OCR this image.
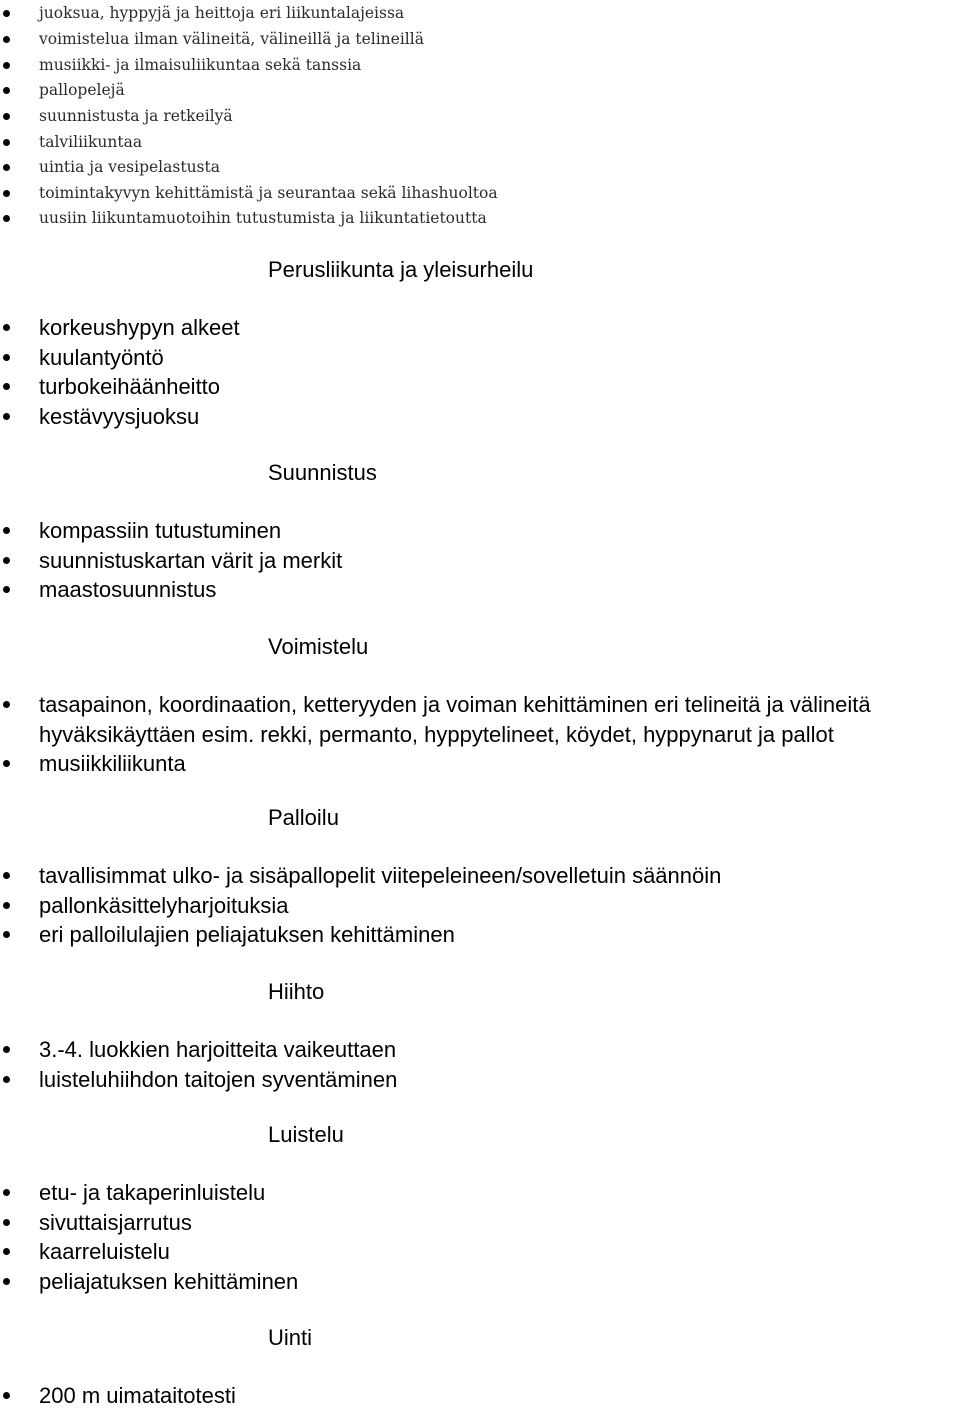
juoksua, hyppyjä ja heittoja eri liikuntalajeissa
voimistelua ilman välineitä, välineillä ja telineillä
musiikki- ja ilmaisuliikuntaa sekä tanssia
pallopelejä
suunnistusta ja retkeilyä
talviliikuntaa
uintia ja vesipelastusta
toimintakyvyn kehittämistä ja seurantaa sekä lihashuoltoa
uusiin liikuntamuotoihin tutustumista ja liikuntatietoutta
Perusliikunta ja yleisurheilu
korkeushypyn alkeet
kuulantyöntö
turbokeihäänheitto
kestävyysjuoksu
Suunnistus
kompassiin tutustuminen
suunnistuskartan värit ja merkit
maastosuunnistus
Voimistelu
tasapainon, koordinaation, ketteryyden ja voiman kehittäminen eri telineitä ja välineitä
hyväksikäyttäen esim. rekki, permanto, hyppytelineet, köydet, hyppynarut ja pallot
musiikkiliikunta
Palloilu
tavallisimmat ulko- ja sisäpallopelit viitepeleineen/sovelletuin säännöin
pallonkäsittelyharjoituksia
eri palloilulajien peliajatuksen kehittäminen
Hiihto
3.-4. luokkien harjoitteita vaikeuttaen
luisteluhiihdon taitojen syventäminen
Luistelu
etu- ja takaperinluistelu
sivuttaisjarrutus
kaarreluistelu
peliajatuksen kehittäminen
Uinti
200 m uimataitotesti
